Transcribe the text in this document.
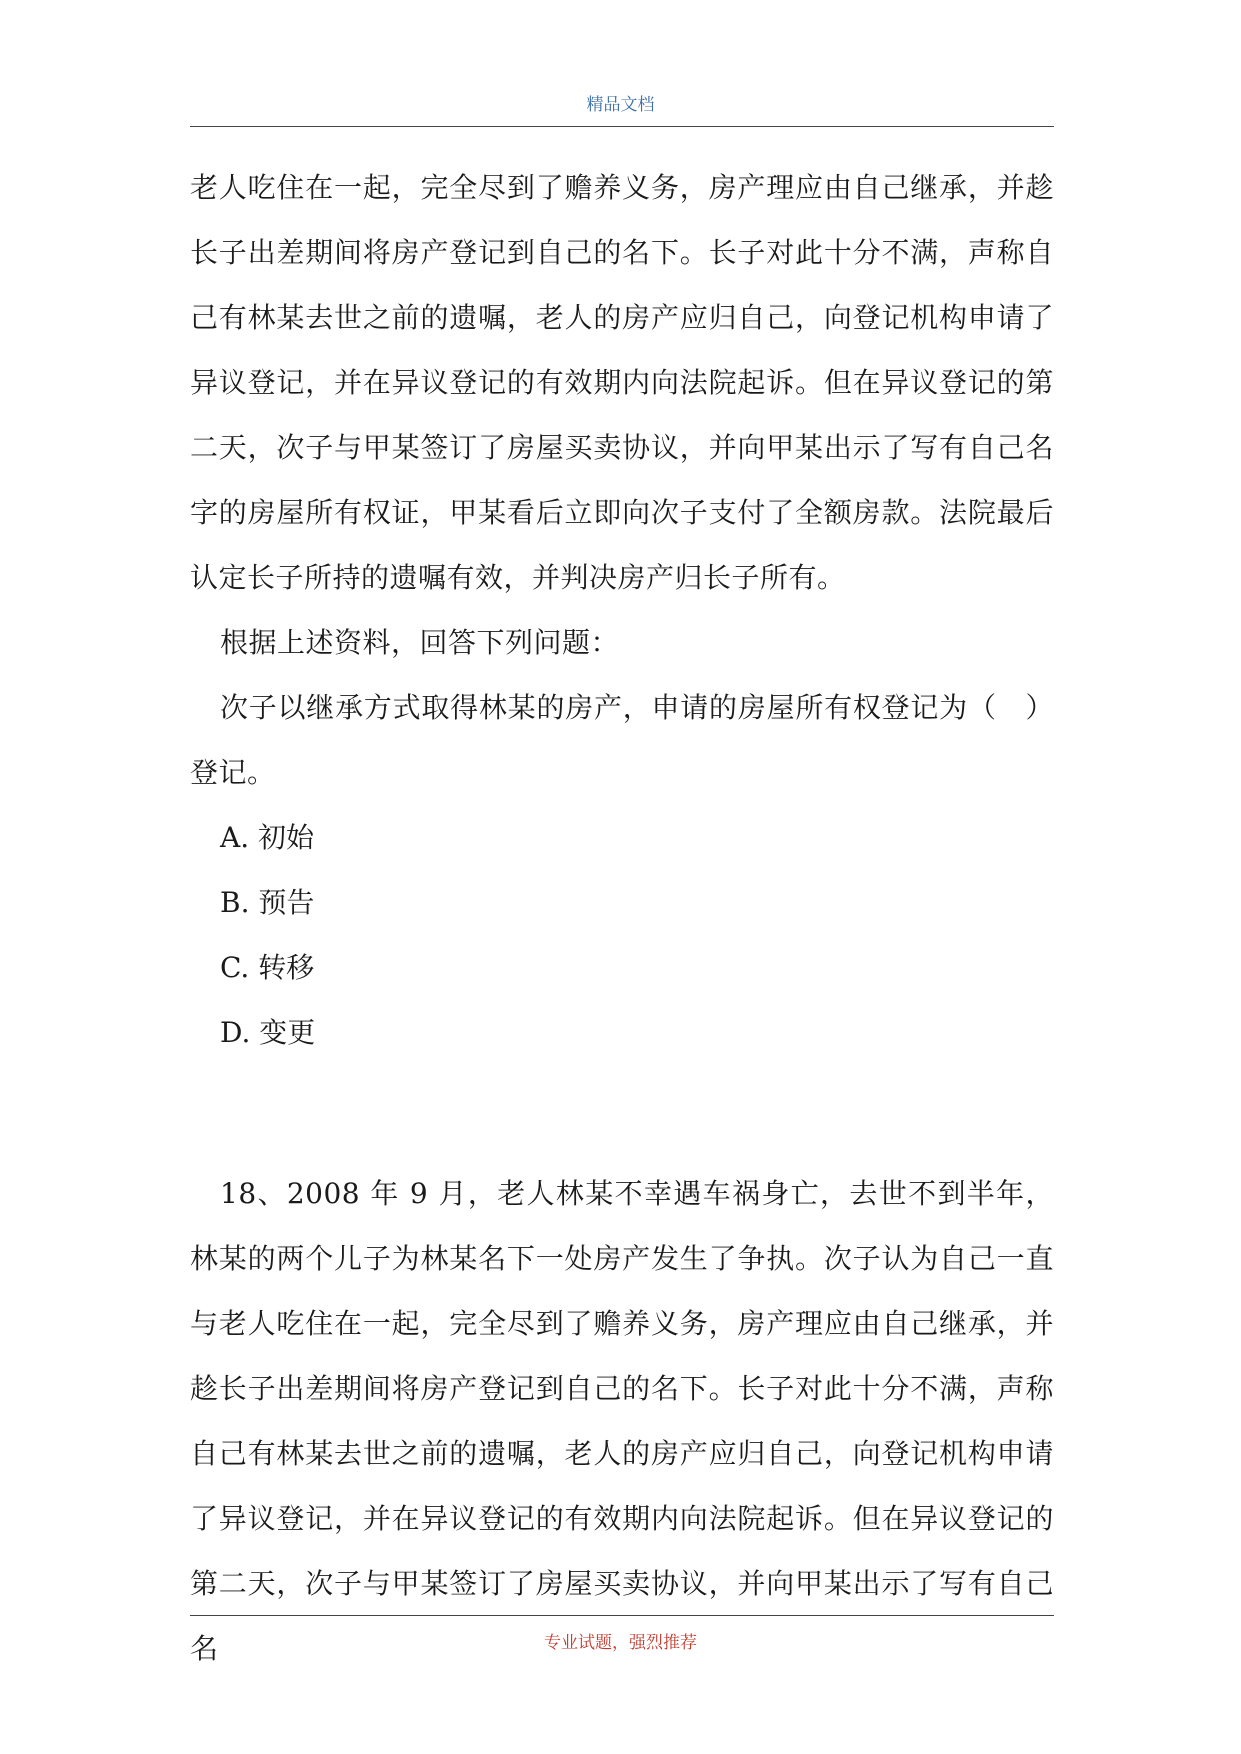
精品文档

老人吃住在一起，完全尽到了赡养义务，房产理应由自己继承，并趁长子出差期间将房产登记到自己的名下。长子对此十分不满，声称自己有林某去世之前的遗嘱，老人的房产应归自己，向登记机构申请了异议登记，并在异议登记的有效期内向法院起诉。但在异议登记的第二天，次子与甲某签订了房屋买卖协议，并向甲某出示了写有自己名字的房屋所有权证，甲某看后立即向次子支付了全额房款。法院最后认定长子所持的遗嘱有效，并判决房产归长子所有。

根据上述资料，回答下列问题：

次子以继承方式取得林某的房产，申请的房屋所有权登记为（　）登记。

A. 初始

B. 预告

C. 转移

D. 变更

18、2008 年 9 月，老人林某不幸遇车祸身亡，去世不到半年，林某的两个儿子为林某名下一处房产发生了争执。次子认为自己一直与老人吃住在一起，完全尽到了赡养义务，房产理应由自己继承，并趁长子出差期间将房产登记到自己的名下。长子对此十分不满，声称自己有林某去世之前的遗嘱，老人的房产应归自己，向登记机构申请了异议登记，并在异议登记的有效期内向法院起诉。但在异议登记的第二天，次子与甲某签订了房屋买卖协议，并向甲某出示了写有自己名	专业试题，强烈推荐
